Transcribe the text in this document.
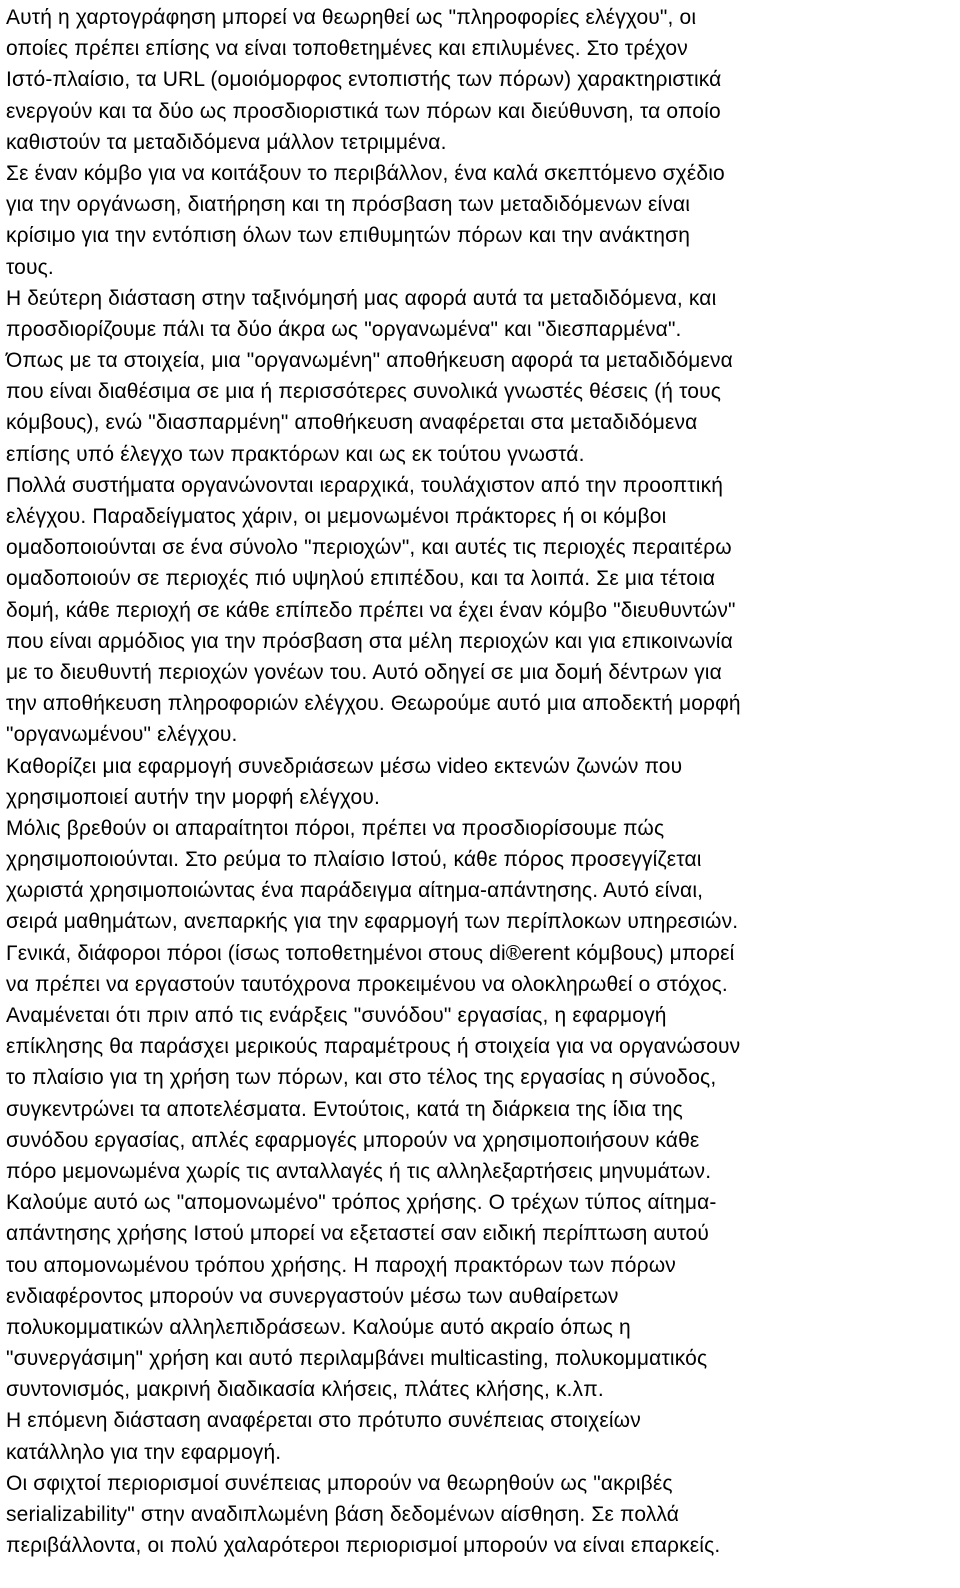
Αυτή η χαρτογράφηση μπορεί να θεωρηθεί ως "πληροφορίες ελέγχου", οι
οποίες πρέπει επίσης να είναι τοποθετημένες και επιλυμένες. Στο τρέχον
Ιστό-πλαίσιο, τα URL (ομοιόμορφος εντοπιστής των πόρων) χαρακτηριστικά
ενεργούν και τα δύο ως προσδιοριστικά των πόρων και διεύθυνση, τα οποίο
καθιστούν τα μεταδιδόμενα μάλλον τετριμμένα.

Σε έναν κόμβο για να κοιτάξουν το περιβάλλον, ένα καλά σκεπτόμενο σχέδιο
για την οργάνωση, διατήρηση και τη πρόσβαση των μεταδιδόμενων είναι
κρίσιμο για την εντόπιση όλων των επιθυμητών πόρων και την ανάκτηση
τους.

Η δεύτερη διάσταση στην ταξινόμησή μας αφορά αυτά τα μεταδιδόμενα, και
προσδιορίζουμε πάλι τα δύο άκρα ως "οργανωμένα" και "διεσπαρμένα".

Όπως με τα στοιχεία, μια "οργανωμένη" αποθήκευση αφορά τα μεταδιδόμενα
που είναι διαθέσιμα σε μια ή περισσότερες συνολικά γνωστές θέσεις (ή τους
κόμβους), ενώ "διασπαρμένη" αποθήκευση αναφέρεται στα μεταδιδόμενα
επίσης υπό έλεγχο των πρακτόρων και ως εκ τούτου γνωστά.

Πολλά συστήματα οργανώνονται ιεραρχικά, τουλάχιστον από την προοπτική
ελέγχου. Παραδείγματος χάριν, οι μεμονωμένοι πράκτορες ή οι κόμβοι
ομαδοποιούνται σε ένα σύνολο "περιοχών", και αυτές τις περιοχές περαιτέρω
ομαδοποιούν σε περιοχές πιό υψηλού επιπέδου, και τα λοιπά. Σε μια τέτοια
δομή, κάθε περιοχή σε κάθε επίπεδο πρέπει να έχει έναν κόμβο "διευθυντών"
που είναι αρμόδιος για την πρόσβαση στα μέλη περιοχών και για επικοινωνία
με το διευθυντή περιοχών γονέων του. Αυτό οδηγεί σε μια δομή δέντρων για
την αποθήκευση πληροφοριών ελέγχου. Θεωρούμε αυτό μια αποδεκτή μορφή
"οργανωμένου" ελέγχου.

Καθορίζει μια εφαρμογή συνεδριάσεων μέσω video εκτενών ζωνών που
χρησιμοποιεί αυτήν την μορφή ελέγχου.

Μόλις βρεθούν οι απαραίτητοι πόροι, πρέπει να προσδιορίσουμε πώς
χρησιμοποιούνται. Στο ρεύμα το πλαίσιο Ιστού, κάθε πόρος προσεγγίζεται
χωριστά χρησιμοποιώντας ένα παράδειγμα αίτημα-απάντησης. Αυτό είναι,
σειρά μαθημάτων, ανεπαρκής για την εφαρμογή των περίπλοκων υπηρεσιών.
Γενικά, διάφοροι πόροι (ίσως τοποθετημένοι στους di®erent κόμβους) μπορεί
να πρέπει να εργαστούν ταυτόχρονα προκειμένου να ολοκληρωθεί ο στόχος.
Αναμένεται ότι πριν από τις ενάρξεις "συνόδου" εργασίας, η εφαρμογή
επίκλησης θα παράσχει μερικούς παραμέτρους ή στοιχεία για να οργανώσουν
το πλαίσιο για τη χρήση των πόρων, και στο τέλος της εργασίας η σύνοδος,
συγκεντρώνει τα αποτελέσματα. Εντούτοις, κατά τη διάρκεια της ίδια της
συνόδου εργασίας, απλές εφαρμογές μπορούν να χρησιμοποιήσουν κάθε
πόρο μεμονωμένα χωρίς τις ανταλλαγές ή τις αλληλεξαρτήσεις μηνυμάτων.
Καλούμε αυτό ως "απομονωμένο" τρόπος χρήσης. Ο τρέχων τύπος αίτημα-
απάντησης χρήσης Ιστού μπορεί να εξεταστεί σαν ειδική περίπτωση αυτού
του απομονωμένου τρόπου χρήσης. Η παροχή πρακτόρων των πόρων
ενδιαφέροντος μπορούν να συνεργαστούν μέσω των αυθαίρετων
πολυκομματικών αλληλεπιδράσεων. Καλούμε αυτό ακραίο όπως η
"συνεργάσιμη" χρήση και αυτό περιλαμβάνει multicasting, πολυκομματικός
συντονισμός, μακρινή διαδικασία κλήσεις, πλάτες κλήσης, κ.λπ.

Η επόμενη διάσταση αναφέρεται στο πρότυπο συνέπειας στοιχείων
κατάλληλο για την εφαρμογή.

Οι σφιχτοί περιορισμοί συνέπειας μπορούν να θεωρηθούν ως "ακριβές
serializability" στην αναδιπλωμένη βάση δεδομένων αίσθηση. Σε πολλά
περιβάλλοντα, οι πολύ χαλαρότεροι περιορισμοί μπορούν να είναι επαρκείς.
